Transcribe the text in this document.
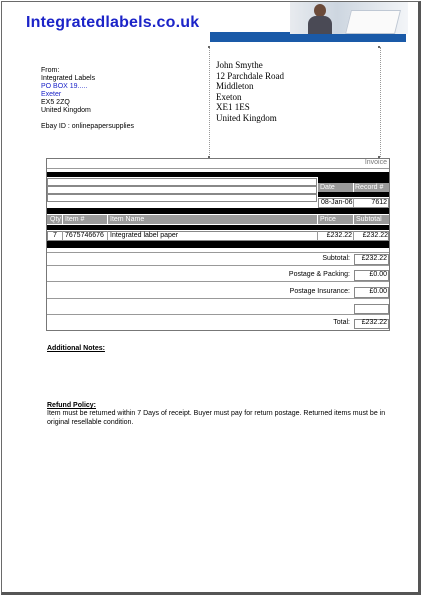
Integratedlabels.co.uk
From:
Integrated Labels
PO BOX 19.....
Exeter
EX5 2ZQ
United Kingdom
Ebay ID : onlinepapersupplies
John Smythe
12 Parchdale Road
Middleton
Exeton
XE1 1ES
United Kingdom
Invoice
Date	Record #
08-Jan-06	7612
Qty Item #	Item Name	Price	Subtotal
7 7675746676 Integrated label paper	£232.22	£232.22
Subtotal:	£232.22
Postage & Packing:	£0.00
Postage Insurance:	£0.00
Total:	£232.22
Additional Notes:
Refund Policy:
Item must be returned within 7 Days of receipt. Buyer must pay for return postage. Returned items must be in original resellable condition.
